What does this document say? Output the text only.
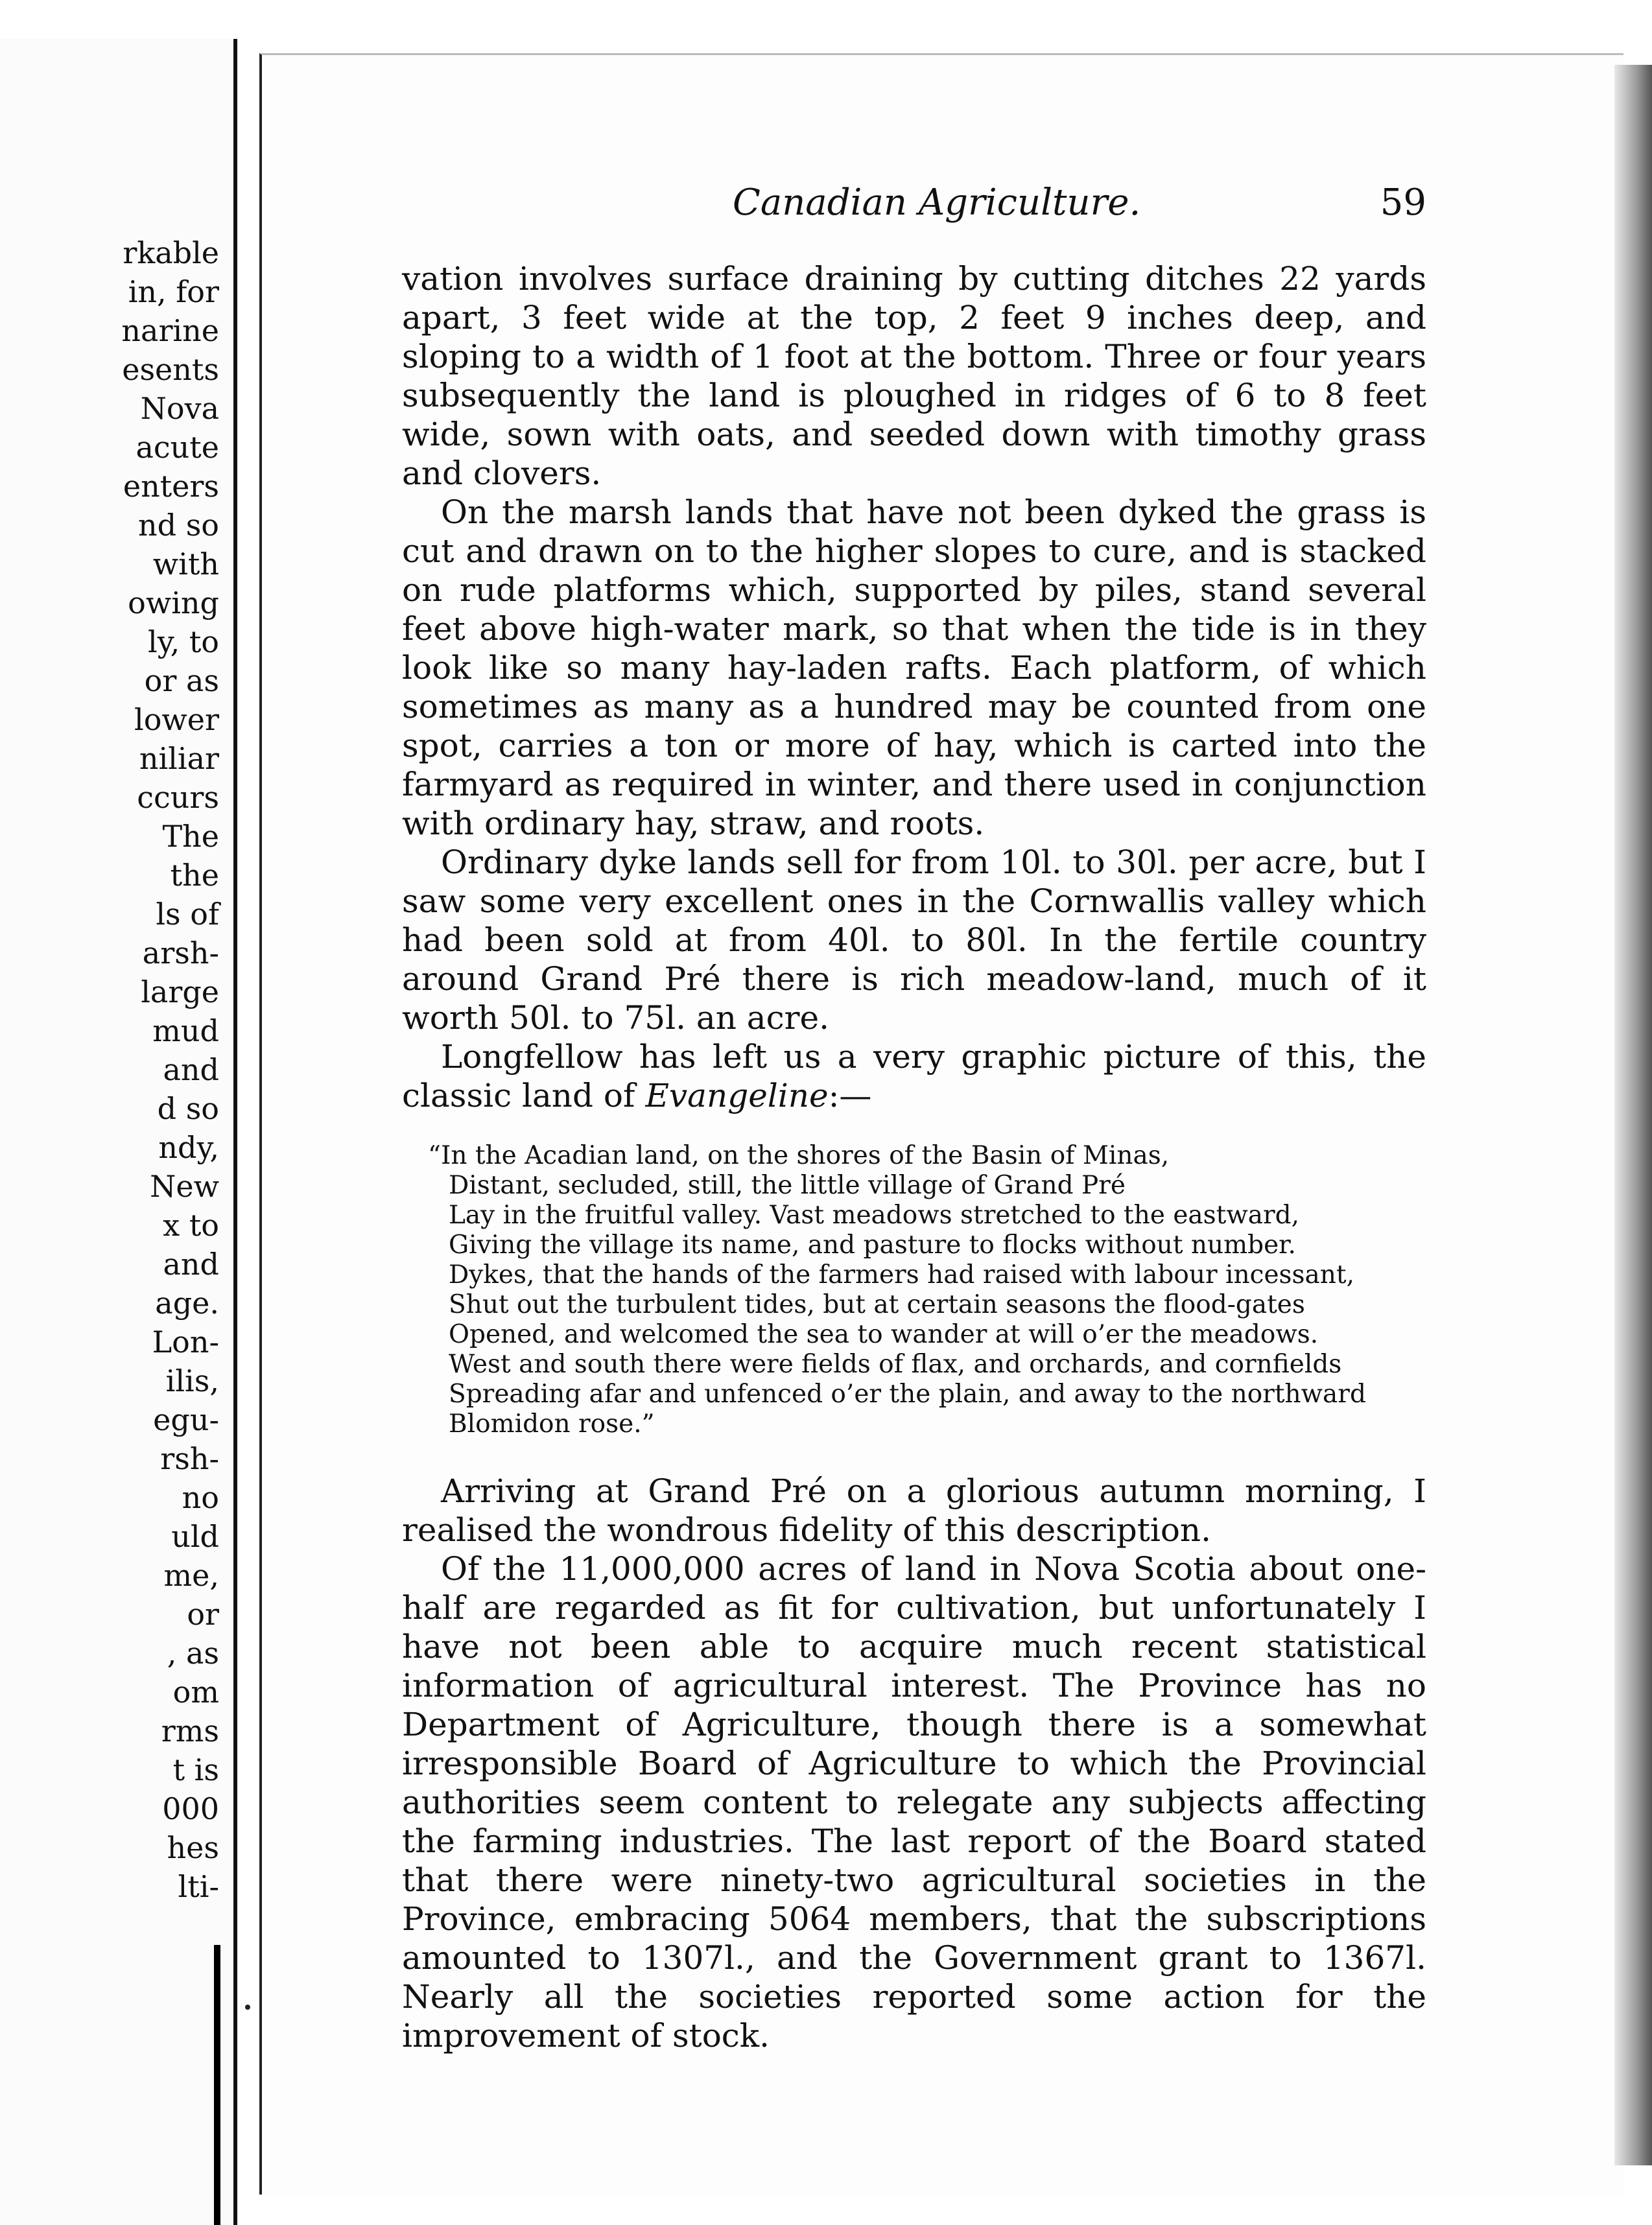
rkable
in, for
narine
esents
Nova
acute
enters
nd so
with
owing
ly, to
or as
lower
niliar
ccurs
The
the
ls of
arsh-
large
mud
and
d so
ndy,
New
x to
and
age.
Lon-
ilis,
egu-
rsh-
no
uld
me,
or
, as
om
rms
t is
000
hes
lti-
Canadian Agriculture.	59

vation involves surface draining by cutting ditches 22 yards apart, 3 feet wide at the top, 2 feet 9 inches deep, and sloping to a width of 1 foot at the bottom. Three or four years subsequently the land is ploughed in ridges of 6 to 8 feet wide, sown with oats, and seeded down with timothy grass and clovers.

On the marsh lands that have not been dyked the grass is cut and drawn on to the higher slopes to cure, and is stacked on rude platforms which, supported by piles, stand several feet above high-water mark, so that when the tide is in they look like so many hay-laden rafts. Each platform, of which sometimes as many as a hundred may be counted from one spot, carries a ton or more of hay, which is carted into the farmyard as required in winter, and there used in conjunction with ordinary hay, straw, and roots.

Ordinary dyke lands sell for from 10l. to 30l. per acre, but I saw some very excellent ones in the Cornwallis valley which had been sold at from 40l. to 80l. In the fertile country around Grand Pré there is rich meadow-land, much of it worth 50l. to 75l. an acre.

Longfellow has left us a very graphic picture of this, the classic land of Evangeline:—

“In the Acadian land, on the shores of the Basin of Minas,
Distant, secluded, still, the little village of Grand Pré
Lay in the fruitful valley. Vast meadows stretched to the eastward,
Giving the village its name, and pasture to flocks without number.
Dykes, that the hands of the farmers had raised with labour incessant,
Shut out the turbulent tides, but at certain seasons the flood-gates
Opened, and welcomed the sea to wander at will o’er the meadows.
West and south there were fields of flax, and orchards, and cornfields
Spreading afar and unfenced o’er the plain, and away to the northward
Blomidon rose.”

Arriving at Grand Pré on a glorious autumn morning, I realised the wondrous fidelity of this description.

Of the 11,000,000 acres of land in Nova Scotia about one-half are regarded as fit for cultivation, but unfortunately I have not been able to acquire much recent statistical information of agricultural interest. The Province has no Department of Agriculture, though there is a somewhat irresponsible Board of Agriculture to which the Provincial authorities seem content to relegate any subjects affecting the farming industries. The last report of the Board stated that there were ninety-two agricultural societies in the Province, embracing 5064 members, that the subscriptions amounted to 1307l., and the Government grant to 1367l. Nearly all the societies reported some action for the improvement of stock.
